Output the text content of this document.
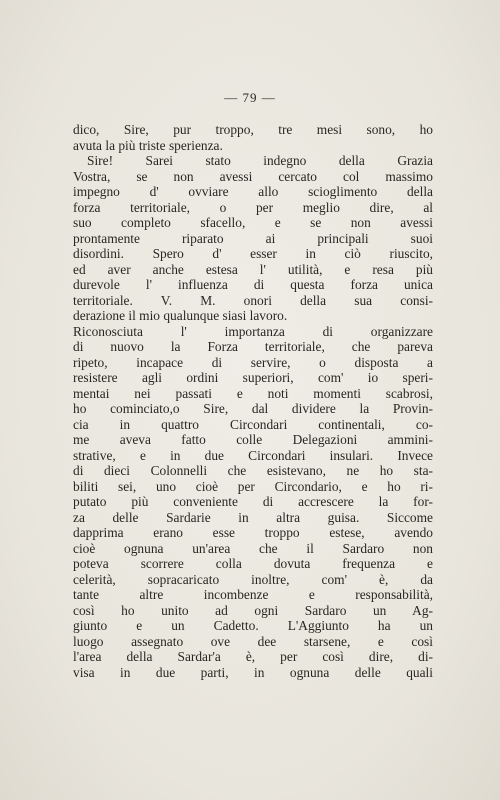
— 79 —
dico, Sire, pur troppo, tre mesi sono, ho
avuta la più triste sperienza.
Sire! Sarei stato indegno della Grazia
Vostra, se non avessi cercato col massimo
impegno d' ovviare allo scioglimento della
forza territoriale, o per meglio dire, al
suo completo sfacello, e se non avessi
prontamente riparato ai principali suoi
disordini. Spero d' esser in ciò riuscito,
ed aver anche estesa l' utilità, e resa più
durevole l' influenza di questa forza unica
territoriale. V. M. onori della sua consi-
derazione il mio qualunque siasi lavoro.
Riconosciuta l' importanza di organizzare
di nuovo la Forza territoriale, che pareva
ripeto, incapace di servire, o disposta a
resistere agli ordini superiori, com' io speri-
mentai nei passati e noti momenti scabrosi,
ho cominciato,o Sire, dal dividere la Provin-
cia in quattro Circondari continentali, co-
me aveva fatto colle Delegazioni ammini-
strative, e in due Circondari insulari. Invece
di dieci Colonnelli che esistevano, ne ho sta-
biliti sei, uno cioè per Circondario, e ho ri-
putato più conveniente di accrescere la for-
za delle Sardarie in altra guisa. Siccome
dapprima erano esse troppo estese, avendo
cioè ognuna un'area che il Sardaro non
poteva scorrere colla dovuta frequenza e
celerità, sopracaricato inoltre, com' è, da
tante altre incombenze e responsabilità,
così ho unito ad ogni Sardaro un Ag-
giunto e un Cadetto. L'Aggiunto ha un
luogo assegnato ove dee starsene, e così
l'area della Sardar'a è, per così dire, di-
visa in due parti, in ognuna delle quali
